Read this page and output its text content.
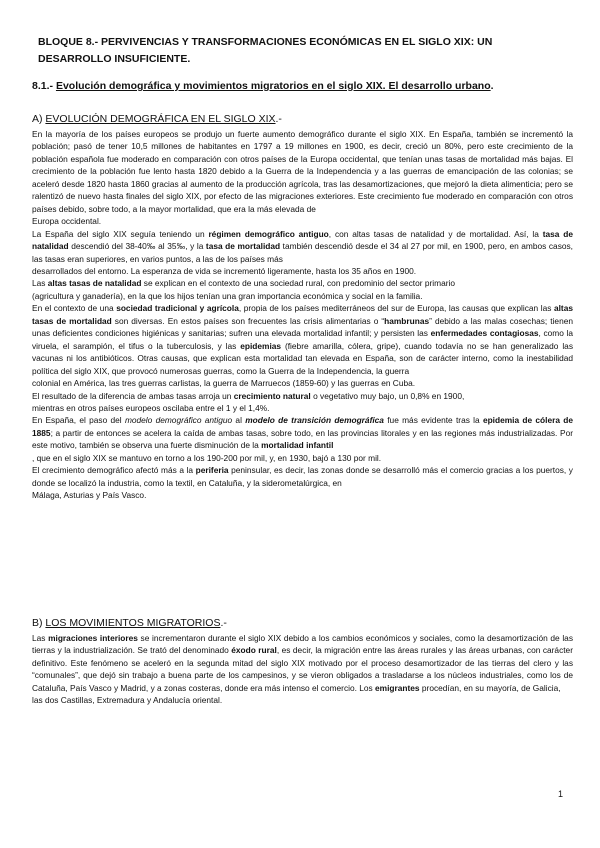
BLOQUE 8.- PERVIVENCIAS Y TRANSFORMACIONES ECONÓMICAS EN EL SIGLO XIX: UN DESARROLLO INSUFICIENTE.

8.1.- Evolución demográfica y movimientos migratorios en el siglo XIX. El desarrollo urbano.

A) EVOLUCIÓN DEMOGRÁFICA EN EL SIGLO XIX.-

En la mayoría de los países europeos se produjo un fuerte aumento demográfico durante el siglo XIX. En España, también se incrementó la población; pasó de tener 10,5 millones de habitantes en 1797 a 19 millones en 1900, es decir, creció un 80%, pero este crecimiento de la población española fue moderado en comparación con otros países de la Europa occidental, que tenían unas tasas de mortalidad más bajas. El crecimiento de la población fue lento hasta 1820 debido a la Guerra de la Independencia y a las guerras de emancipación de las colonias; se aceleró desde 1820 hasta 1860 gracias al aumento de la producción agrícola, tras las desamortizaciones, que mejoró la dieta alimenticia; pero se ralentizó de nuevo hasta finales del siglo XIX, por efecto de las migraciones exteriores. Este crecimiento fue moderado en comparación con otros países debido, sobre todo, a la mayor mortalidad, que era la más elevada de
Europa occidental.

La España del siglo XIX seguía teniendo un régimen demográfico antiguo, con altas tasas de natalidad y de mortalidad. Así, la tasa de natalidad descendió del 38-40‰ al 35‰, y la tasa de mortalidad también descendió desde el 34 al 27 por mil, en 1900, pero, en ambos casos, las tasas eran superiores, en varios puntos, a las de los países más
desarrollados del entorno. La esperanza de vida se incrementó ligeramente, hasta los 35 años en 1900.

Las altas tasas de natalidad se explican en el contexto de una sociedad rural, con predominio del sector primario
(agricultura y ganadería), en la que los hijos tenían una gran importancia económica y social en la familia.

En el contexto de una sociedad tradicional y agrícola, propia de los países mediterráneos del sur de Europa, las causas que explican las altas tasas de mortalidad son diversas. En estos países son frecuentes las crisis alimentarias o “hambrunas” debido a las malas cosechas; tienen unas deficientes condiciones higiénicas y sanitarias; sufren una elevada mortalidad infantil; y persisten las enfermedades contagiosas, como la viruela, el sarampión, el tifus o la tuberculosis, y las epidemias (fiebre amarilla, cólera, gripe), cuando todavía no se han generalizado las vacunas ni los antibióticos. Otras causas, que explican esta mortalidad tan elevada en España, son de carácter interno, como la inestabilidad política del siglo XIX, que provocó numerosas guerras, como la Guerra de la Independencia, la guerra
colonial en América, las tres guerras carlistas, la guerra de Marruecos (1859-60) y las guerras en Cuba.

El resultado de la diferencia de ambas tasas arroja un crecimiento natural o vegetativo muy bajo, un 0,8% en 1900,
mientras en otros países europeos oscilaba entre el 1 y el 1,4%.

En España, el paso del modelo demográfico antiguo al modelo de transición demográfica fue más evidente tras la epidemia de cólera de 1885; a partir de entonces se acelera la caída de ambas tasas, sobre todo, en las provincias litorales y en las regiones más industrializadas. Por este motivo, también se observa una fuerte disminución de la mortalidad infantil
, que en el siglo XIX se mantuvo en torno a los 190-200 por mil, y, en 1930, bajó a 130 por mil.

El crecimiento demográfico afectó más a la periferia peninsular, es decir, las zonas donde se desarrolló más el comercio gracias a los puertos, y donde se localizó la industria, como la textil, en Cataluña, y la siderometalúrgica, en
Málaga, Asturias y País Vasco.

B) LOS MOVIMIENTOS MIGRATORIOS.-

Las migraciones interiores se incrementaron durante el siglo XIX debido a los cambios económicos y sociales, como la desamortización de las tierras y la industrialización. Se trató del denominado éxodo rural, es decir, la migración entre las áreas rurales y las áreas urbanas, con carácter definitivo. Este fenómeno se aceleró en la segunda mitad del siglo XIX motivado por el proceso desamortizador de las tierras del clero y las “comunales”, que dejó sin trabajo a buena parte de los campesinos, y se vieron obligados a trasladarse a los núcleos industriales, como los de Cataluña, País Vasco y Madrid, y a zonas costeras, donde era más intenso el comercio. Los emigrantes procedían, en su mayoría, de Galicia,
las dos Castillas, Extremadura y Andalucía oriental.

1
